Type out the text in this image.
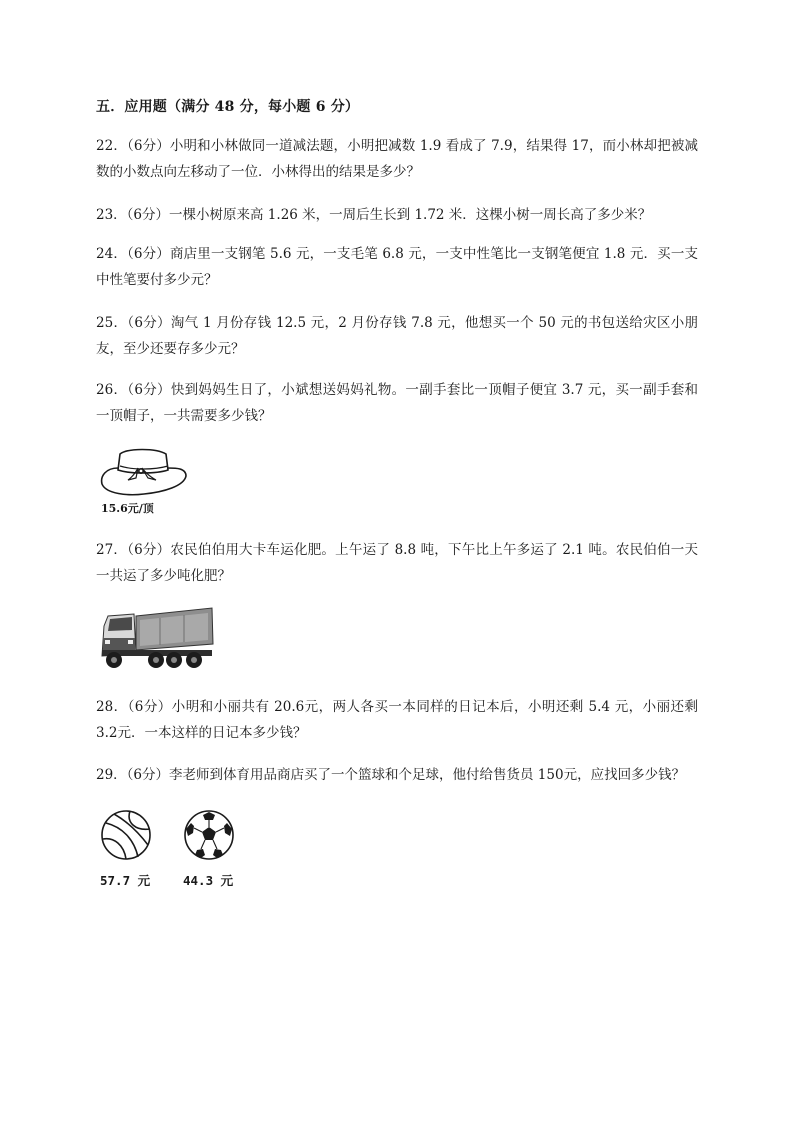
五．应用题（满分 48 分，每小题 6 分）
22．（6分）小明和小林做同一道减法题，小明把减数 1.9 看成了 7.9，结果得 17，而小林却把被减数的小数点向左移动了一位．小林得出的结果是多少？
23．（6分）一棵小树原来高 1.26 米，一周后生长到 1.72 米．这棵小树一周长高了多少米？
24．（6分）商店里一支钢笔 5.6 元，一支毛笔 6.8 元，一支中性笔比一支钢笔便宜 1.8 元．买一支中性笔要付多少元？
25．（6分）淘气 1 月份存钱 12.5 元，2 月份存钱 7.8 元，他想买一个 50 元的书包送给灾区小朋友，至少还要存多少元？
26．（6分）快到妈妈生日了，小斌想送妈妈礼物。一副手套比一顶帽子便宜 3.7 元，买一副手套和一顶帽子，一共需要多少钱？
15.6元/顶
27．（6分）农民伯伯用大卡车运化肥。上午运了 8.8 吨，下午比上午多运了 2.1 吨。农民伯伯一天一共运了多少吨化肥？
28．（6分）小明和小丽共有 20.6元，两人各买一本同样的日记本后，小明还剩 5.4 元，小丽还剩 3.2元．一本这样的日记本多少钱？
29．（6分）李老师到体育用品商店买了一个篮球和个足球，他付给售货员 150元，应找回多少钱？
57.7 元	44.3 元
